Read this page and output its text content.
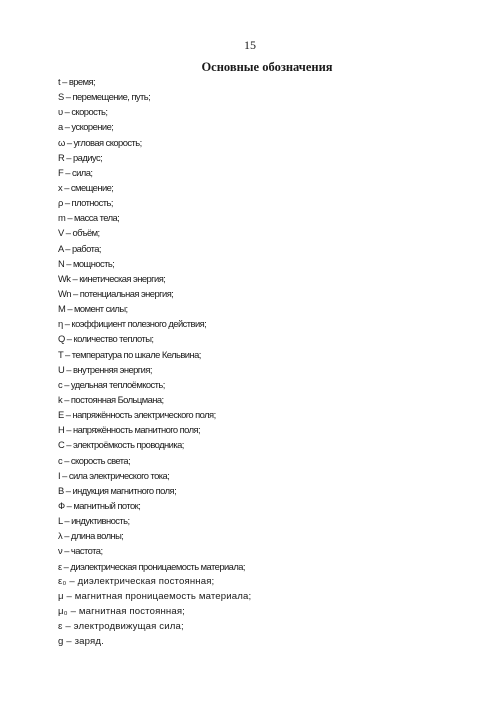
15
Основные обозначения
t – время;
S – перемещение, путь;
υ – скорость;
a – ускорение;
ω – угловая скорость;
R – радиус;
F – сила;
x – смещение;
ρ – плотность;
m – масса тела;
V – объём;
A – работа;
N – мощность;
Wk – кинетическая энергия;
Wn – потенциальная энергия;
M – момент силы;
η – коэффициент полезного действия;
Q – количество теплоты;
T – температура по шкале Кельвина;
U – внутренняя энергия;
c – удельная теплоёмкость;
k – постоянная Больцмана;
E – напряжённость электрического поля;
H – напряжённость магнитного поля;
C – электроёмкость проводника;
c – скорость света;
I – сила электрического тока;
B – индукция магнитного поля;
Ф – магнитный поток;
L – индуктивность;
λ – длина волны;
ν – частота;
ε – диэлектрическая проницаемость материала;
ε₀ – диэлектрическая постоянная;
μ – магнитная проницаемость материала;
μ₀ – магнитная постоянная;
ɛ – электродвижущая сила;
g – заряд.
